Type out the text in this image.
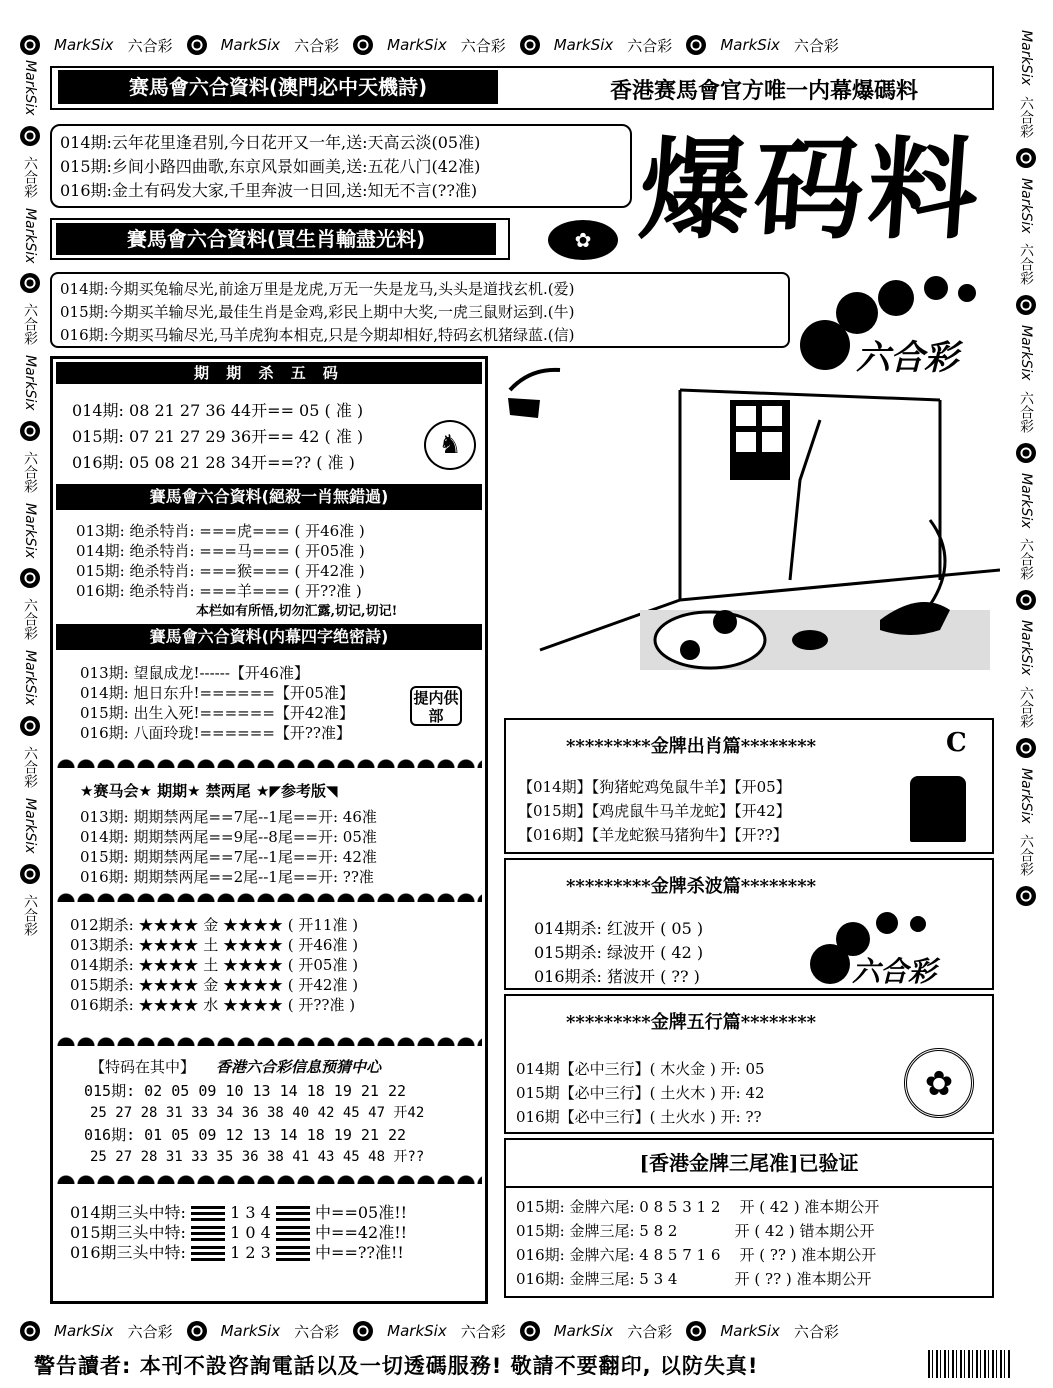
MarkSix 六合彩	MarkSix 六合彩	MarkSix 六合彩	MarkSix 六合彩	MarkSix 六合彩
MarkSix 六合彩	MarkSix 六合彩	MarkSix 六合彩	MarkSix 六合彩	MarkSix 六合彩
MarkSix
六合彩
MarkSix
六合彩
MarkSix
六合彩
MarkSix
六合彩
MarkSix
六合彩
MarkSix
六合彩
MarkSix
六合彩
MarkSix
六合彩
MarkSix
六合彩
MarkSix
六合彩
MarkSix
六合彩
MarkSix
六合彩
赛馬會六合資料(澳門必中天機詩)	香港赛馬會官方唯一内幕爆碼料
014期:云年花里逢君别,今日花开又一年,送:天高云淡(05准)
015期:乡间小路四曲歌,东京风景如画美,送:五花八门(42准)
016期:金土有码发大家,千里奔波一日回,送:知无不言(??准)
賽馬會六合資料(買生肖輸盡光料)	✿ 爆码料
014期:今期买兔输尽光,前途万里是龙虎,万无一失是龙马,头头是道找玄机.(爱)
015期:今期买羊输尽光,最佳生肖是金鸡,彩民上期中大奖,一虎三鼠财运到.(牛)
016期:今期买马输尽光,马羊虎狗本相克,只是今期却相好,特码玄机猪绿蓝.(信)
六合彩
期 期 杀 五 码
014期: 08 21 27 36 44开== 05 ( 准 )
015期: 07 21 27 29 36开== 42 ( 准 )
016期: 05 08 21 28 34开==?? ( 准 )
♞
賽馬會六合資料(絕殺一肖無錯過)
013期: 绝杀特肖: ===虎=== ( 开46准 )
014期: 绝杀特肖: ===马=== ( 开05准 )
015期: 绝杀特肖: ===猴=== ( 开42准 )
016期: 绝杀特肖: ===羊=== ( 开??准 )
本栏如有所悟,切勿汇露,切记,切记!
賽馬會六合資料(内幕四字绝密詩)
013期: 望鼠成龙!------【开46准】
014期: 旭日东升!======【开05准】
015期: 出生入死!======【开42准】
016期: 八面玲珑!======【开??准】
提内供部
★赛马会★ 期期★ 禁两尾 ★◤参考版◥
013期: 期期禁两尾==7尾--1尾==开: 46准
014期: 期期禁两尾==9尾--8尾==开: 05准
015期: 期期禁两尾==7尾--1尾==开: 42准
016期: 期期禁两尾==2尾--1尾==开: ??准
012期杀: ★★★★ 金 ★★★★ ( 开11准 )
013期杀: ★★★★ 土 ★★★★ ( 开46准 )
014期杀: ★★★★ 土 ★★★★ ( 开05准 )
015期杀: ★★★★ 金 ★★★★ ( 开42准 )
016期杀: ★★★★ 水 ★★★★ ( 开??准 )
【特码在其中】 香港六合彩信息预猜中心
015期: 02 05 09 10 13 14 18 19 21 22
25 27 28 31 33 34 36 38 40 42 45 47 开42
016期: 01 05 09 12 13 14 18 19 21 22
25 27 28 31 33 35 36 38 41 43 45 48 开??
014期三头中特:	1 3 4	中==05准!!
015期三头中特:	1 0 4	中==42准!!
016期三头中特:	1 2 3	中==??准!!
*********金牌出肖篇********	C
【014期】【狗猪蛇鸡兔鼠牛羊】【开05】
【015期】【鸡虎鼠牛马羊龙蛇】【开42】
【016期】【羊龙蛇猴马猪狗牛】【开??】
*********金牌杀波篇********
014期杀: 红波开 ( 05 )
015期杀: 绿波开 ( 42 )
016期杀: 猪波开 ( ?? )	六合彩
*********金牌五行篇********
014期【必中三行】( 木火金 ) 开: 05
015期【必中三行】( 土火木 ) 开: 42
016期【必中三行】( 土火水 ) 开: ??
✿
[香港金牌三尾准]已验证
015期: 金牌六尾: 0 8 5 3 1 2    开 ( 42 ) 准本期公开
015期: 金牌三尾: 5 8 2            开 ( 42 ) 错本期公开
016期: 金牌六尾: 4 8 5 7 1 6    开 ( ?? ) 准本期公开
016期: 金牌三尾: 5 3 4            开 ( ?? ) 准本期公开
警告讀者: 本刊不設咨詢電話以及一切透碼服務! 敬請不要翻印, 以防失真!
